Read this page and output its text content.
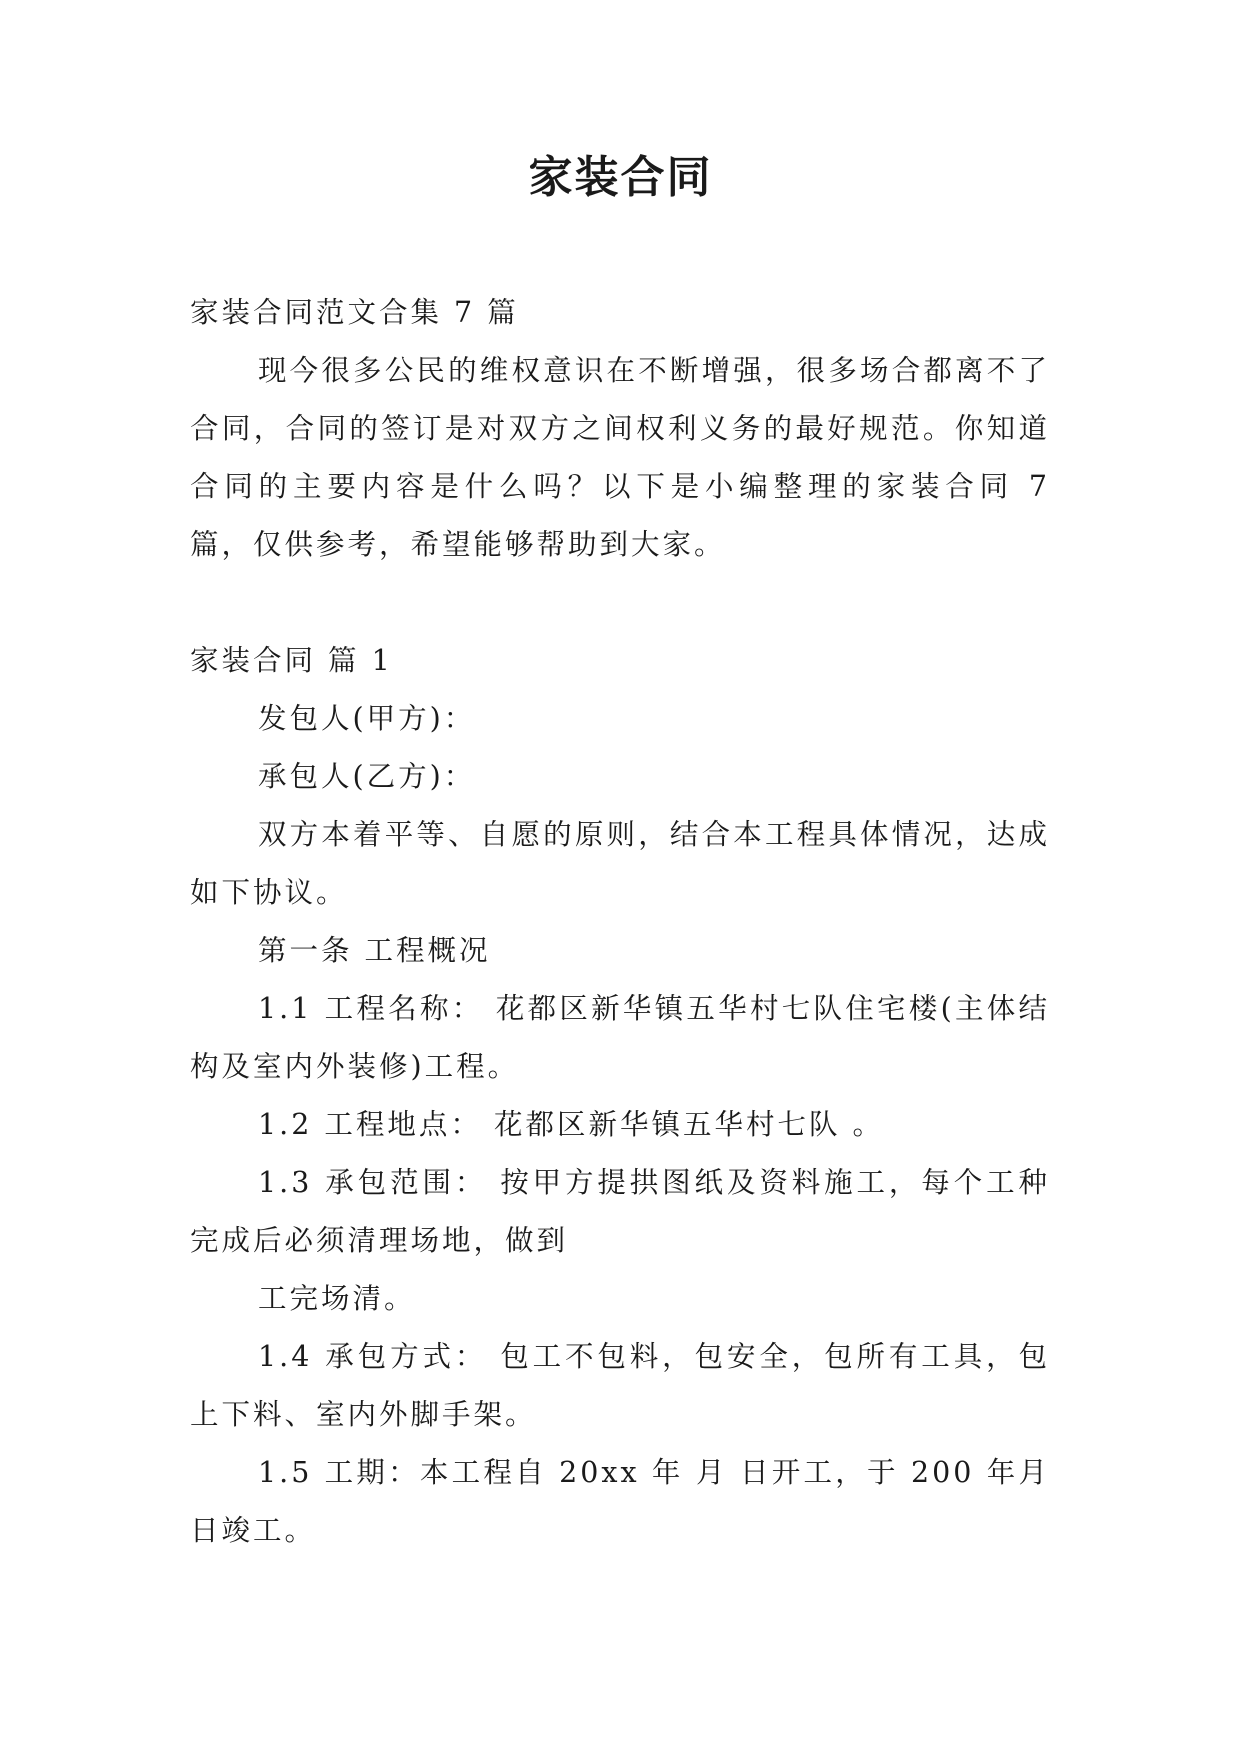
家装合同

家装合同范文合集 7 篇

现今很多公民的维权意识在不断增强，很多场合都离不了合同，合同的签订是对双方之间权利义务的最好规范。你知道合同的主要内容是什么吗？以下是小编整理的家装合同 7 篇，仅供参考，希望能够帮助到大家。

家装合同 篇 1

发包人(甲方)：

承包人(乙方)：

双方本着平等、自愿的原则，结合本工程具体情况，达成如下协议。

第一条 工程概况

1.1 工程名称： 花都区新华镇五华村七队住宅楼(主体结构及室内外装修)工程。

1.2 工程地点： 花都区新华镇五华村七队 。

1.3 承包范围： 按甲方提拱图纸及资料施工，每个工种完成后必须清理场地，做到

工完场清。

1.4 承包方式： 包工不包料，包安全，包所有工具，包上下料、室内外脚手架。

1.5 工期：本工程自 20xx 年 月 日开工，于 200 年月 日竣工。
